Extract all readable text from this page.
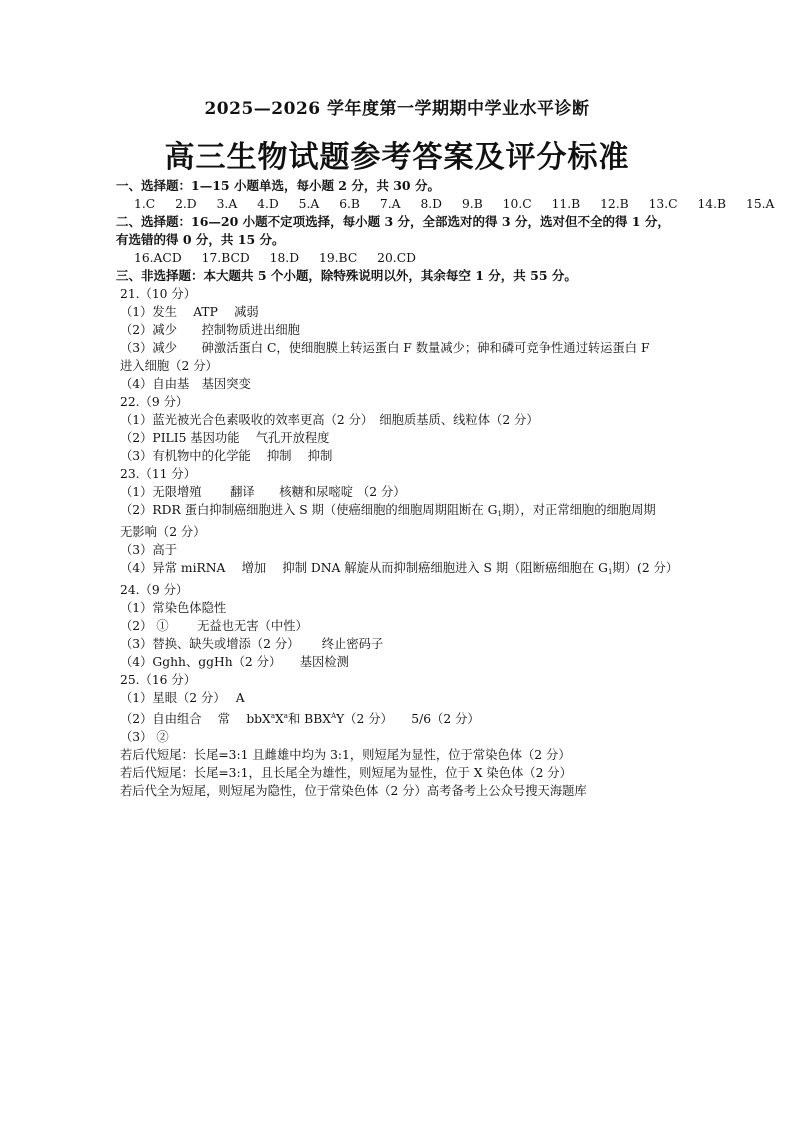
2025—2026 学年度第一学期期中学业水平诊断
高三生物试题参考答案及评分标准
一、选择题：1—15 小题单选，每小题 2 分，共 30 分。
1.C 2.D 3.A 4.D 5.A 6.B 7.A 8.D 9.B 10.C 11.B 12.B 13.C 14.B 15.A
二、选择题：16—20 小题不定项选择，每小题 3 分，全部选对的得 3 分，选对但不全的得 1 分，
有选错的得 0 分，共 15 分。
16.ACD 17.BCD 18.D 19.BC 20.CD
三、非选择题：本大题共 5 个小题，除特殊说明以外，其余每空 1 分，共 55 分。
21.（10 分）
（1）发生　 ATP　 减弱
（2）减少　　控制物质进出细胞
（3）减少　　砷激活蛋白 C，使细胞膜上转运蛋白 F 数量减少；砷和磷可竞争性通过转运蛋白 F
进入细胞（2 分）
（4）自由基　基因突变
22.（9 分）
（1）蓝光被光合色素吸收的效率更高（2 分）　细胞质基质、线粒体（2 分）
（2）PILI5 基因功能　 气孔开放程度
（3）有机物中的化学能　 抑制　 抑制
23.（11 分）
（1）无限增殖　　 翻译　　核糖和尿嘧啶 （2 分）
（2）RDR 蛋白抑制癌细胞进入 S 期（使癌细胞的细胞周期阻断在 G1期），对正常细胞的细胞周期
无影响（2 分）
（3）高于
（4）异常 miRNA　 增加　 抑制 DNA 解旋从而抑制癌细胞进入 S 期（阻断癌细胞在 G1期）(2 分）
24.（9 分）
（1）常染色体隐性
（2） ①　　 无益也无害（中性）
（3）替换、缺失或增添（2 分）　　 终止密码子
（4）Gghh、ggHh（2 分）　　基因检测
25.（16 分）
（1）星眼（2 分）　 A
（2）自由组合　 常　 $bbX^aX^a$和 $BBX^AY(2$ 分）　　5/6（2 分）
（3） ②
若后代短尾：长尾=3:1 且雌雄中均为 3:1，则短尾为显性，位于常染色体（2 分）
若后代短尾：长尾=3:1，且长尾全为雄性，则短尾为显性，位于 X 染色体（2 分）
若后代全为短尾，则短尾为隐性，位于常染色体（2 分）高考备考上公众号搜天海题库
